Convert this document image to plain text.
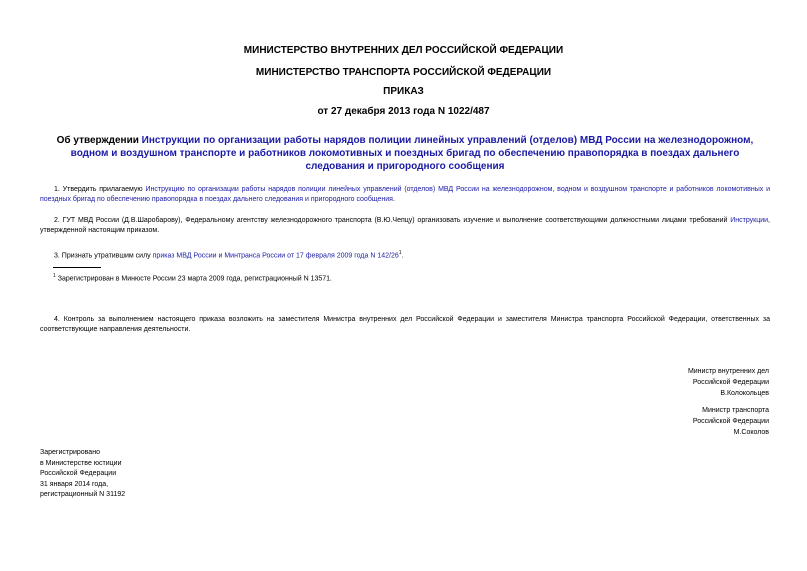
МИНИСТЕРСТВО ВНУТРЕННИХ ДЕЛ РОССИЙСКОЙ ФЕДЕРАЦИИ
МИНИСТЕРСТВО ТРАНСПОРТА РОССИЙСКОЙ ФЕДЕРАЦИИ
ПРИКАЗ
от 27 декабря 2013 года N 1022/487
Об утверждении Инструкции по организации работы нарядов полиции линейных управлений (отделов) МВД России на железнодорожном, водном и воздушном транспорте и работников локомотивных и поездных бригад по обеспечению правопорядка в поездах дальнего следования и пригородного сообщения
1. Утвердить прилагаемую Инструкцию по организации работы нарядов полиции линейных управлений (отделов) МВД России на железнодорожном, водном и воздушном транспорте и работников локомотивных и поездных бригад по обеспечению правопорядка в поездах дальнего следования и пригородного сообщения.
2. ГУТ МВД России (Д.В.Шаробарову), Федеральному агентству железнодорожного транспорта (В.Ю.Чепцу) организовать изучение и выполнение соответствующими должностными лицами требований Инструкции, утвержденной настоящим приказом.
3. Признать утратившим силу приказ МВД России и Минтранса России от 17 февраля 2009 года N $142/26^1$.
$^1$ Зарегистрирован в Минюсте России 23 марта 2009 года, регистрационный N 13571.
4. Контроль за выполнением настоящего приказа возложить на заместителя Министра внутренних дел Российской Федерации и заместителя Министра транспорта Российской Федерации, ответственных за соответствующие направления деятельности.
Министр внутренних дел
Российской Федерации
В.Колокольцев
Министр транспорта
Российской Федерации
М.Соколов
Зарегистрировано
в Министерстве юстиции
Российской Федерации
31 января 2014 года,
регистрационный N 31192
